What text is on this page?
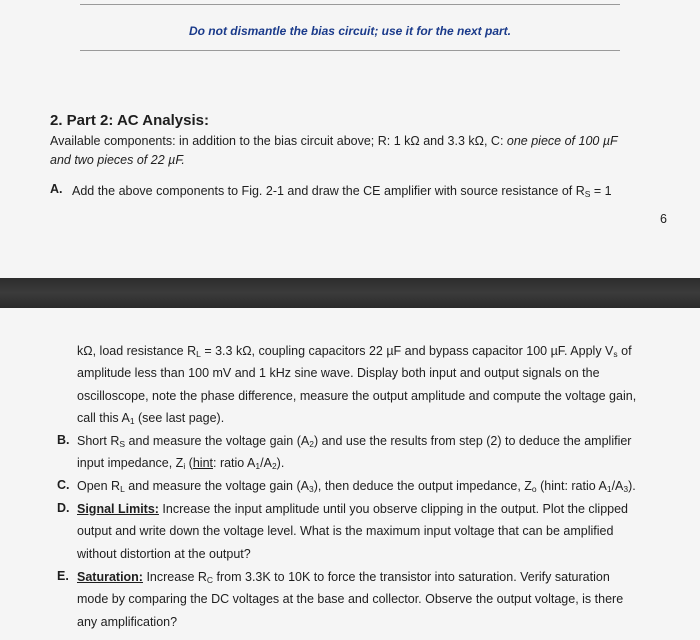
Do not dismantle the bias circuit; use it for the next part.
2. Part 2: AC Analysis:
Available components: in addition to the bias circuit above; R: 1 kΩ and 3.3 kΩ, C: one piece of 100 µF
and two pieces of 22 µF.
A. Add the above components to Fig. 2-1 and draw the CE amplifier with source resistance of $R_S = 1$
6
kΩ, load resistance $R_L = 3.3$ kΩ, coupling capacitors 22 µF and bypass capacitor 100 µF. Apply $V_s$ of
amplitude less than 100 mV and 1 kHz sine wave. Display both input and output signals on the
oscilloscope, note the phase difference, measure the output amplitude and compute the voltage gain,
call this $A_1$ (see last page).
B. Short $R_S$ and measure the voltage gain $(A_2)$ and use the results from step (2) to deduce the amplifier
input impedance, $Z_i$ (hint: ratio $A_1/A_2$).
C. Open $R_L$ and measure the voltage gain $(A_3)$, then deduce the output impedance, $Z_o$ (hint: ratio $A_1/A_3$).
D. Signal Limits: Increase the input amplitude until you observe clipping in the output. Plot the clipped
output and write down the voltage level. What is the maximum input voltage that can be amplified
without distortion at the output?
E. Saturation: Increase $R_C$ from 3.3K to 10K to force the transistor into saturation. Verify saturation
mode by comparing the DC voltages at the base and collector. Observe the output voltage, is there
any amplification?
